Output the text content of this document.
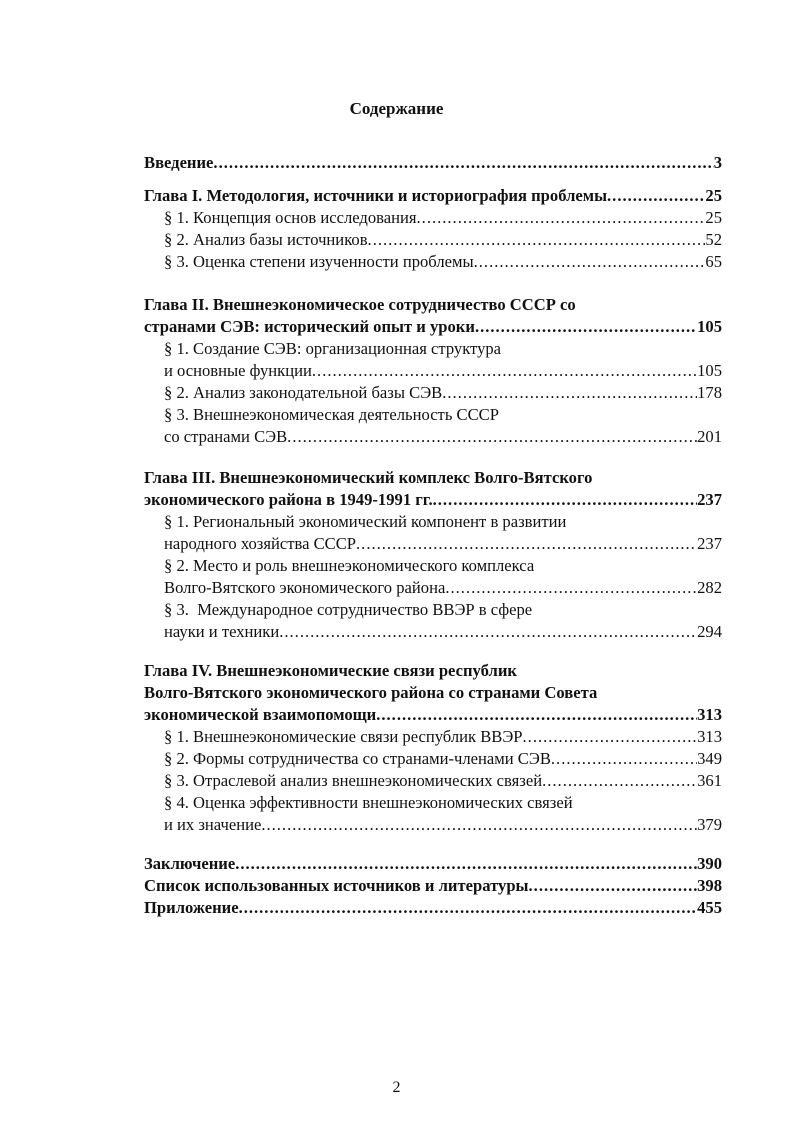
Содержание
Введение .....	3
Глава I. Методология, источники и историография проблемы .....	25
§ 1. Концепция основ исследования .....	25
§ 2. Анализ базы источников .....	52
§ 3. Оценка степени изученности проблемы .....	65
Глава II. Внешнеэкономическое сотрудничество СССР со
странами СЭВ: исторический опыт и уроки .....	105
§ 1. Создание СЭВ: организационная структура
и основные функции .....	105
§ 2. Анализ законодательной базы СЭВ .....	178
§ 3. Внешнеэкономическая деятельность СССР
со странами СЭВ .....	201
Глава III. Внешнеэкономический комплекс Волго-Вятского
экономического района в 1949-1991 гг. .....	237
§ 1. Региональный экономический компонент в развитии
народного хозяйства СССР .....	237
§ 2. Место и роль внешнеэкономического комплекса
Волго-Вятского экономического района .....	282
§ 3.  Международное сотрудничество ВВЭР в сфере
науки и техники .....	294
Глава IV. Внешнеэкономические связи республик
Волго-Вятского экономического района со странами Совета
экономической взаимопомощи .....	313
§ 1. Внешнеэкономические связи республик ВВЭР .....	313
§ 2. Формы сотрудничества со странами-членами СЭВ .....	349
§ 3. Отраслевой анализ внешнеэкономических связей .....	361
§ 4. Оценка эффективности внешнеэкономических связей
и их значение .....	379
Заключение .....	390
Список использованных источников и литературы .....	398
Приложение .....	455
2
